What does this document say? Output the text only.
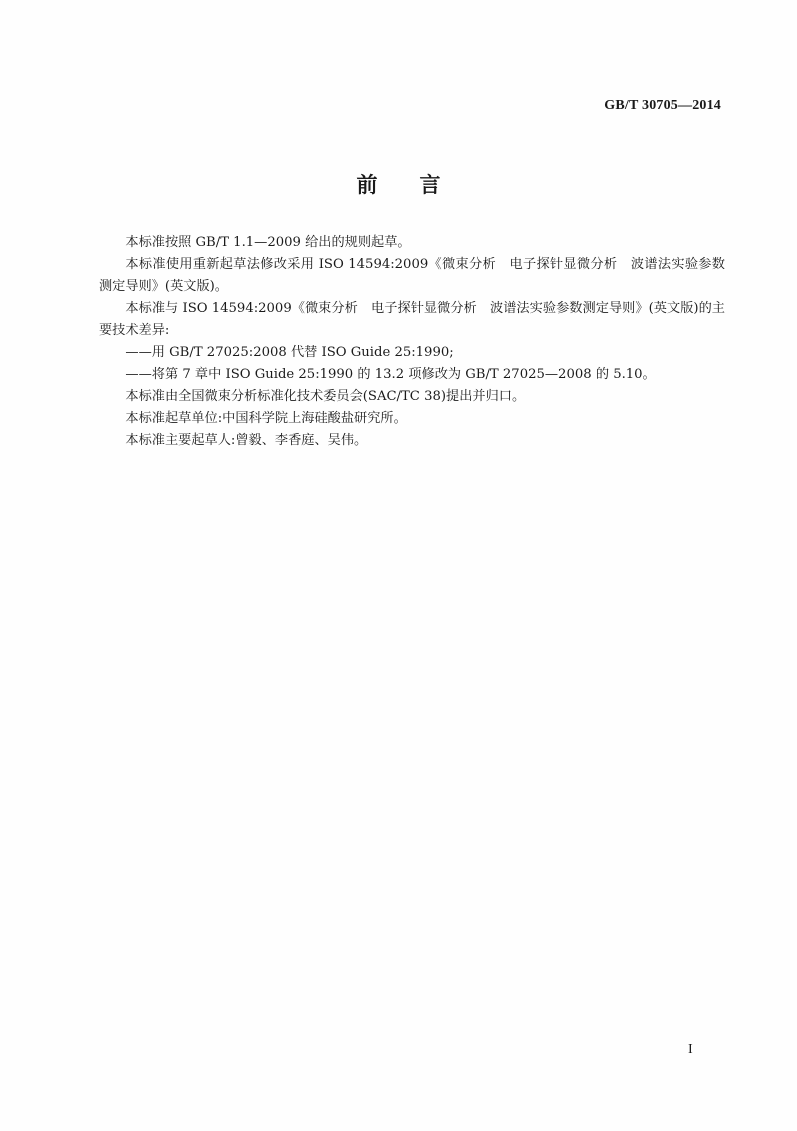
GB/T 30705—2014
前言

本标准按照 GB/T 1.1—2009 给出的规则起草。

本标准使用重新起草法修改采用 ISO 14594:2009《微束分析　电子探针显微分析　波谱法实验参数测定导则》(英文版)。

本标准与 ISO 14594:2009《微束分析　电子探针显微分析　波谱法实验参数测定导则》(英文版)的主要技术差异:

——用 GB/T 27025:2008 代替 ISO Guide 25:1990;

——将第 7 章中 ISO Guide 25:1990 的 13.2 项修改为 GB/T 27025—2008 的 5.10。

本标准由全国微束分析标准化技术委员会(SAC/TC 38)提出并归口。

本标准起草单位:中国科学院上海硅酸盐研究所。

本标准主要起草人:曾毅、李香庭、吴伟。

I
